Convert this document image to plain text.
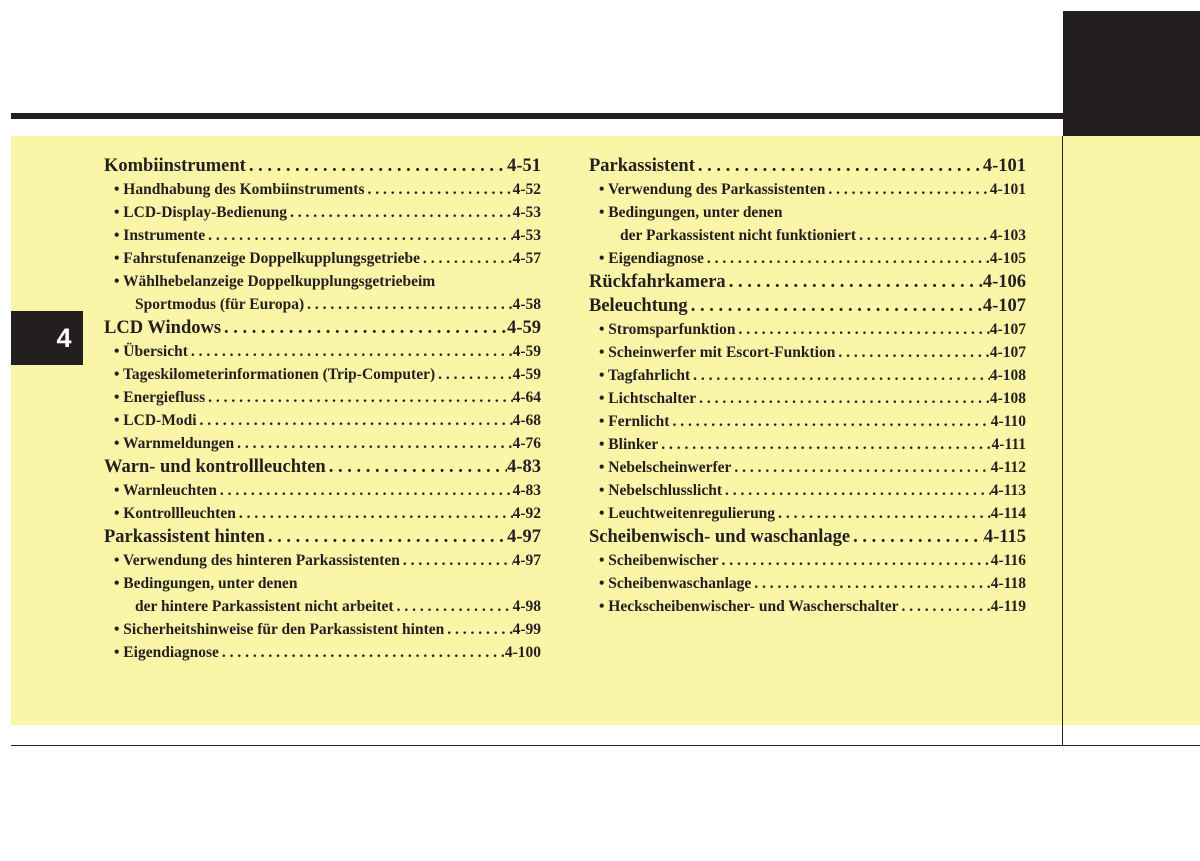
4
Kombiinstrument . . .	4-51
• Handhabung des Kombiinstruments . . .	4-52
• LCD-Display-Bedienung . . .	4-53
• Instrumente . . .	4-53
• Fahrstufenanzeige Doppelkupplungsgetriebe . . .	4-57
• Wählhebelanzeige Doppelkupplungsgetriebeim
Sportmodus (für Europa) . . .	4-58
LCD Windows . . .	4-59
• Übersicht . . .	4-59
• Tageskilometerinformationen (Trip-Computer) . . .	4-59
• Energiefluss . . .	4-64
• LCD-Modi . . .	4-68
• Warnmeldungen . . .	4-76
Warn- und kontrollleuchten . . .	4-83
• Warnleuchten . . .	4-83
• Kontrollleuchten . . .	4-92
Parkassistent hinten . . .	4-97
• Verwendung des hinteren Parkassistenten . . .	4-97
• Bedingungen, unter denen
der hintere Parkassistent nicht arbeitet . . .	4-98
• Sicherheitshinweise für den Parkassistent hinten . . .	4-99
• Eigendiagnose . . .	4-100
Parkassistent . . .	4-101
• Verwendung des Parkassistenten . . .	4-101
• Bedingungen, unter denen
der Parkassistent nicht funktioniert . . .	4-103
• Eigendiagnose . . .	4-105
Rückfahrkamera . . .	4-106
Beleuchtung . . .	4-107
• Stromsparfunktion . . .	4-107
• Scheinwerfer mit Escort-Funktion . . .	4-107
• Tagfahrlicht . . .	4-108
• Lichtschalter . . .	4-108
• Fernlicht . . .	4-110
• Blinker . . .	4-111
• Nebelscheinwerfer . . .	4-112
• Nebelschlusslicht . . .	4-113
• Leuchtweitenregulierung . . .	4-114
Scheibenwisch- und waschanlage . . .	4-115
• Scheibenwischer . . .	4-116
• Scheibenwaschanlage . . .	4-118
• Heckscheibenwischer- und Wascherschalter . . .	4-119
